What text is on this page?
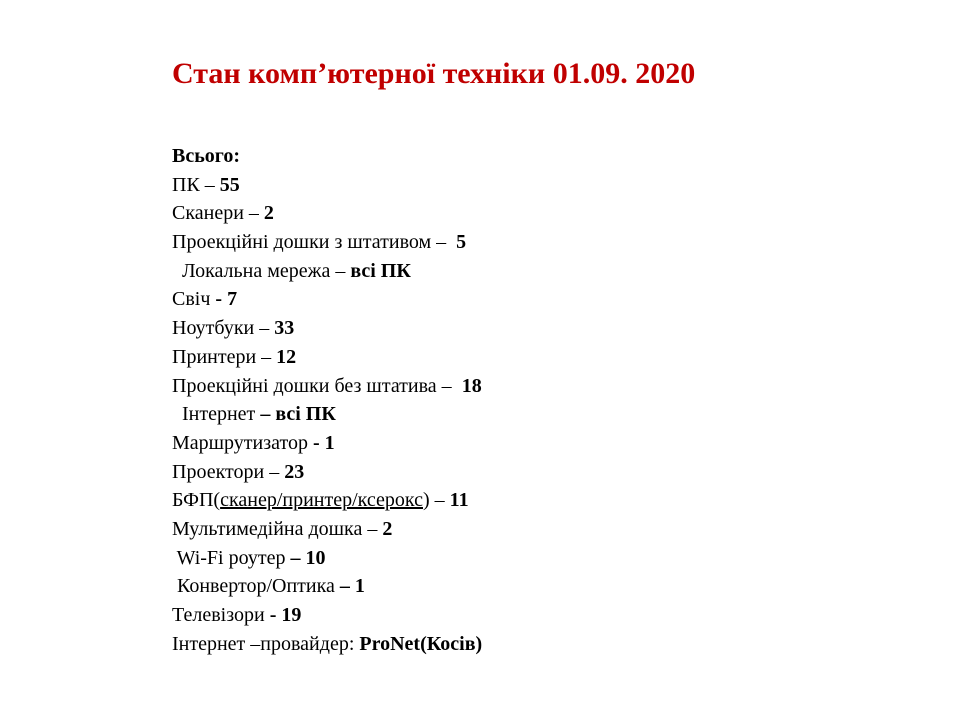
Стан комп’ютерної техніки 01.09. 2020
Всього:
ПК – 55
Сканери – 2
Проекційні дошки з штативом –  5
Локальна мережа – всі ПК
Свіч - 7
Ноутбуки – 33
Принтери – 12
Проекційні дошки без штатива –  18
Інтернет – всі ПК
Маршрутизатор - 1
Проектори – 23
БФП(сканер/принтер/ксерокс) – 11
Мультимедійна дошка – 2
Wi-Fi роутер – 10
Конвертор/Оптика – 1
Телевізори - 19
Інтернет –провайдер: ProNet(Косів)
